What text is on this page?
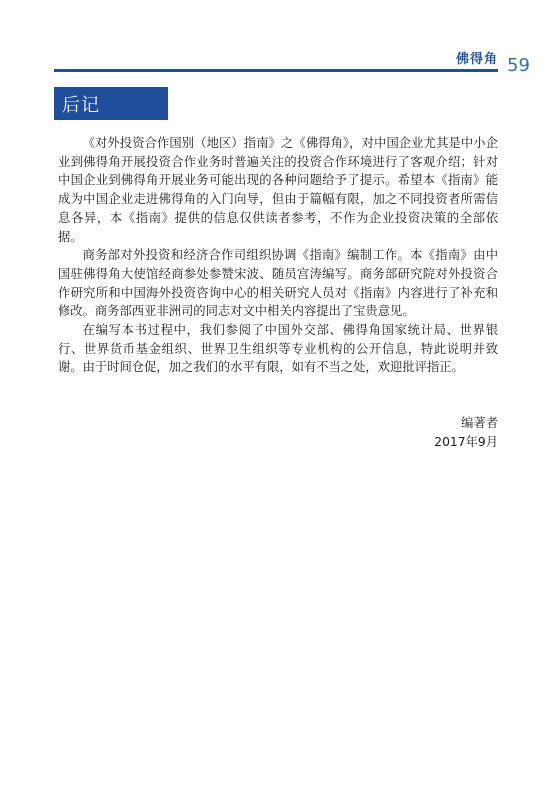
佛得角 59
后记

《对外投资合作国别（地区）指南》之《佛得角》，对中国企业尤其是中小企业到佛得角开展投资合作业务时普遍关注的投资合作环境进行了客观介绍；针对中国企业到佛得角开展业务可能出现的各种问题给予了提示。希望本《指南》能成为中国企业走进佛得角的入门向导，但由于篇幅有限，加之不同投资者所需信息各异，本《指南》提供的信息仅供读者参考，不作为企业投资决策的全部依据。

商务部对外投资和经济合作司组织协调《指南》编制工作。本《指南》由中国驻佛得角大使馆经商参处参赞宋波、随员宫涛编写。商务部研究院对外投资合作研究所和中国海外投资咨询中心的相关研究人员对《指南》内容进行了补充和修改。商务部西亚非洲司的同志对文中相关内容提出了宝贵意见。

在编写本书过程中，我们参阅了中国外交部、佛得角国家统计局、世界银行、世界货币基金组织、世界卫生组织等专业机构的公开信息，特此说明并致谢。由于时间仓促，加之我们的水平有限，如有不当之处，欢迎批评指正。

编著者
2017年9月
